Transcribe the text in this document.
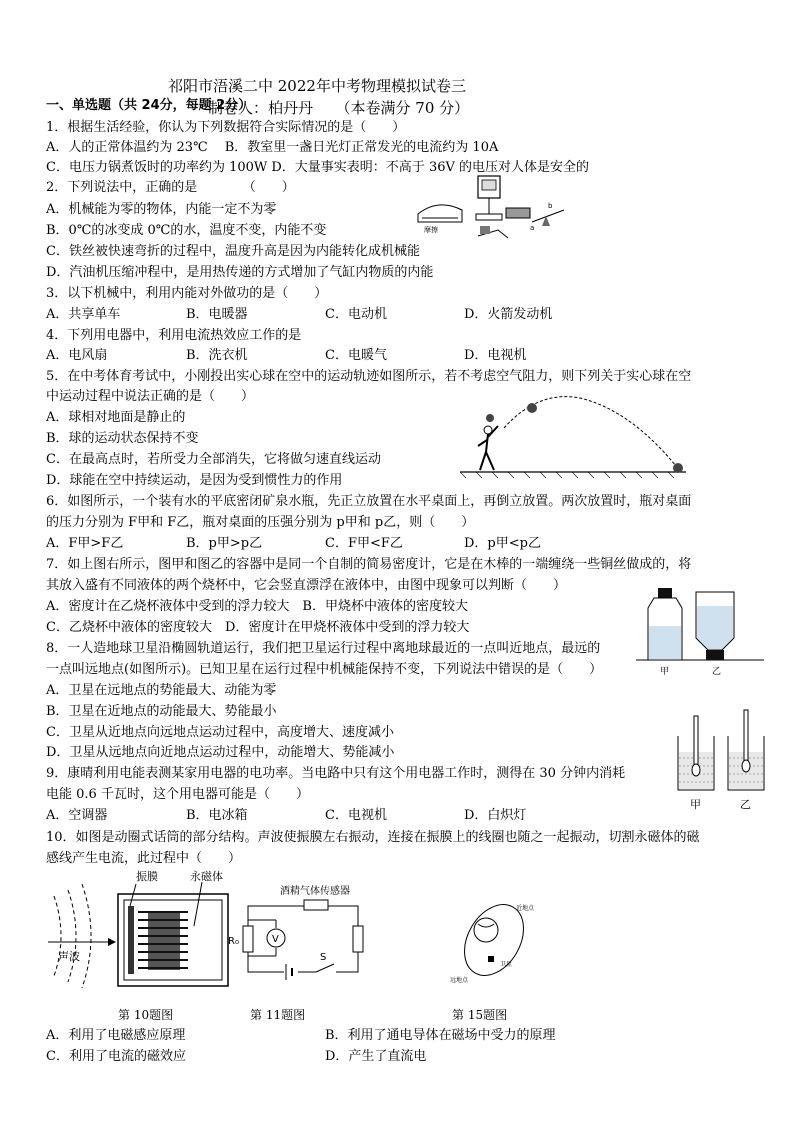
祁阳市浯溪二中 2022年中考物理模拟试卷三
制卷人：柏丹丹　　（本卷满分 70 分）
一、单选题（共 24分，每题 2分）
1．根据生活经验，你认为下列数据符合实际情况的是（　　）
A．人的正常体温约为 23℃　 B．教室里一盏日光灯正常发光的电流约为 10A
C．电压力锅煮饭时的功率约为 100W D．大量事实表明：不高于 36V 的电压对人体是安全的
2．下列说法中，正确的是　　　　（　　）
A．机械能为零的物体，内能一定不为零
B．0℃的冰变成 0℃的水，温度不变，内能不变
C．铁丝被快速弯折的过程中，温度升高是因为内能转化成机械能
D．汽油机压缩冲程中，是用热传递的方式增加了气缸内物质的内能
摩擦	a
b
3．以下机械中，利用内能对外做功的是（　　）
A．共享单车	B．电暖器	C．电动机	D．火箭发动机
4．下列用电器中，利用电流热效应工作的是
A．电风扇	B．洗衣机	C．电暖气	D．电视机
5．在中考体育考试中，小刚投出实心球在空中的运动轨迹如图所示，若不考虑空气阻力，则下列关于实心球在空
中运动过程中说法正确的是（　　）
A．球相对地面是静止的
B．球的运动状态保持不变
C．在最高点时，若所受力全部消失，它将做匀速直线运动
D．球能在空中持续运动，是因为受到惯性力的作用
6．如图所示，一个装有水的平底密闭矿泉水瓶，先正立放置在水平桌面上，再倒立放置。两次放置时，瓶对桌面
的压力分别为 F甲和 F乙，瓶对桌面的压强分别为 p甲和 p乙，则（　　）
A．F甲>F乙	B．p甲>p乙	C．F甲<F乙	D．p甲<p乙
7．如上图右所示，图甲和图乙的容器中是同一个自制的简易密度计，它是在木棒的一端缠绕一些铜丝做成的，将
其放入盛有不同液体的两个烧杯中，它会竖直漂浮在液体中，由图中现象可以判断（　　）
A．密度计在乙烧杯液体中受到的浮力较大　B．甲烧杯中液体的密度较大
C．乙烧杯中液体的密度较大　D．密度计在甲烧杯液体中受到的浮力较大
甲	乙
8．一人造地球卫星沿椭圆轨道运行，我们把卫星运行过程中离地球最近的一点叫近地点，最远的
一点叫远地点(如图所示)。已知卫星在运行过程中机械能保持不变，下列说法中错误的是（　　）
A．卫星在远地点的势能最大、动能为零
B．卫星在近地点的动能最大、势能最小
C．卫星从近地点向远地点运动过程中，高度增大、速度减小
D．卫星从远地点向近地点运动过程中，动能增大、势能减小
甲	乙
9．康晴利用电能表测某家用电器的电功率。当电路中只有这个用电器工作时，测得在 30 分钟内消耗
电能 0.6 千瓦时，这个用电器可能是（　　）
A．空调器	B．电冰箱	C．电视机	D．白炽灯
10．如图是动圈式话筒的部分结构。声波使振膜左右振动，连接在振膜上的线圈也随之一起振动，切割永磁体的磁
感线产生电流，此过程中（　　）
声波
振膜	永磁体
第 10题图
酒精气体传感器
V
R₀
S
第 11题图
近地点
远地点
卫星
第 15题图
A．利用了电磁感应原理	B．利用了通电导体在磁场中受力的原理
C．利用了电流的磁效应	D．产生了直流电
